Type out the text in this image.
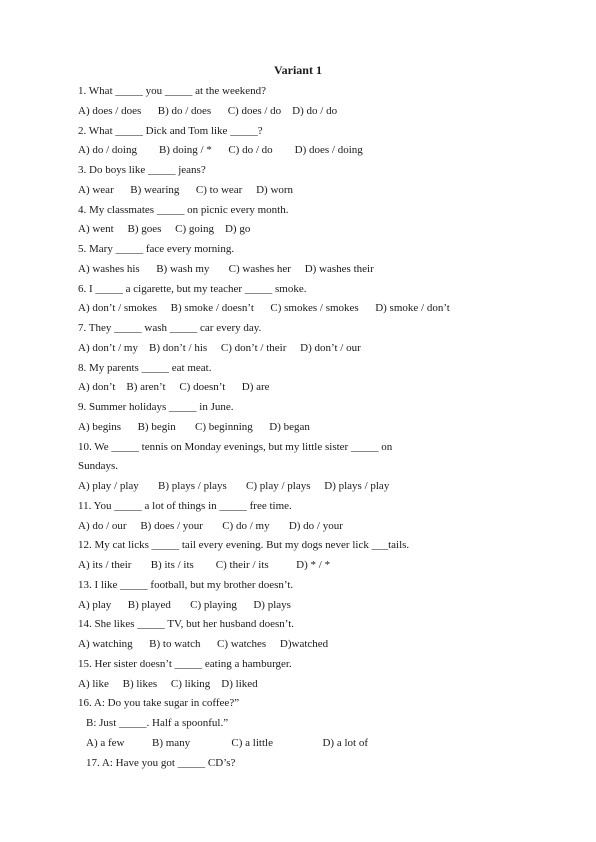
Variant 1
1. What _____ you _____ at the weekend?
A) does / does      B) do / does      C) does / do    D) do / do
2. What _____ Dick and Tom like _____?
A) do / doing        B) doing / *      C) do / do        D) does / doing
3. Do boys like _____ jeans?
A) wear      B) wearing      C) to wear     D) worn
4. My classmates _____ on picnic every month.
A) went     B) goes     C) going    D) go
5. Mary _____ face every morning.
A) washes his      B) wash my       C) washes her     D) washes their
6. I _____ a cigarette, but my teacher _____ smoke.
A) don’t / smokes     B) smoke / doesn’t      C) smokes / smokes      D) smoke / don’t
7. They _____ wash _____ car every day.
A) don’t / my    B) don’t / his     C) don’t / their     D) don’t / our
8. My parents _____ eat meat.
A) don’t    B) aren’t     C) doesn’t      D) are
9. Summer holidays _____ in June.
A) begins      B) begin       C) beginning      D) began
10. We _____ tennis on Monday evenings, but my little sister _____ on
Sundays.
A) play / play       B) plays / plays       C) play / plays     D) plays / play
11. You _____ a lot of things in _____ free time.
A) do / our     B) does / your       C) do / my       D) do / your
12. My cat licks _____ tail every evening. But my dogs never lick ___tails.
A) its / their       B) its / its        C) their / its          D) * / *
13. I like _____ football, but my brother doesn’t.
A) play      B) played       C) playing      D) plays
14. She likes _____ TV, but her husband doesn’t.
A) watching      B) to watch      C) watches     D)watched
15. Her sister doesn’t _____ eating a hamburger.
A) like     B) likes     C) liking    D) liked
16. A: Do you take sugar in coffee?”
B: Just _____. Half a spoonful.”
A) a few          B) many               C) a little                  D) a lot of
17. A: Have you got _____ CD’s?
